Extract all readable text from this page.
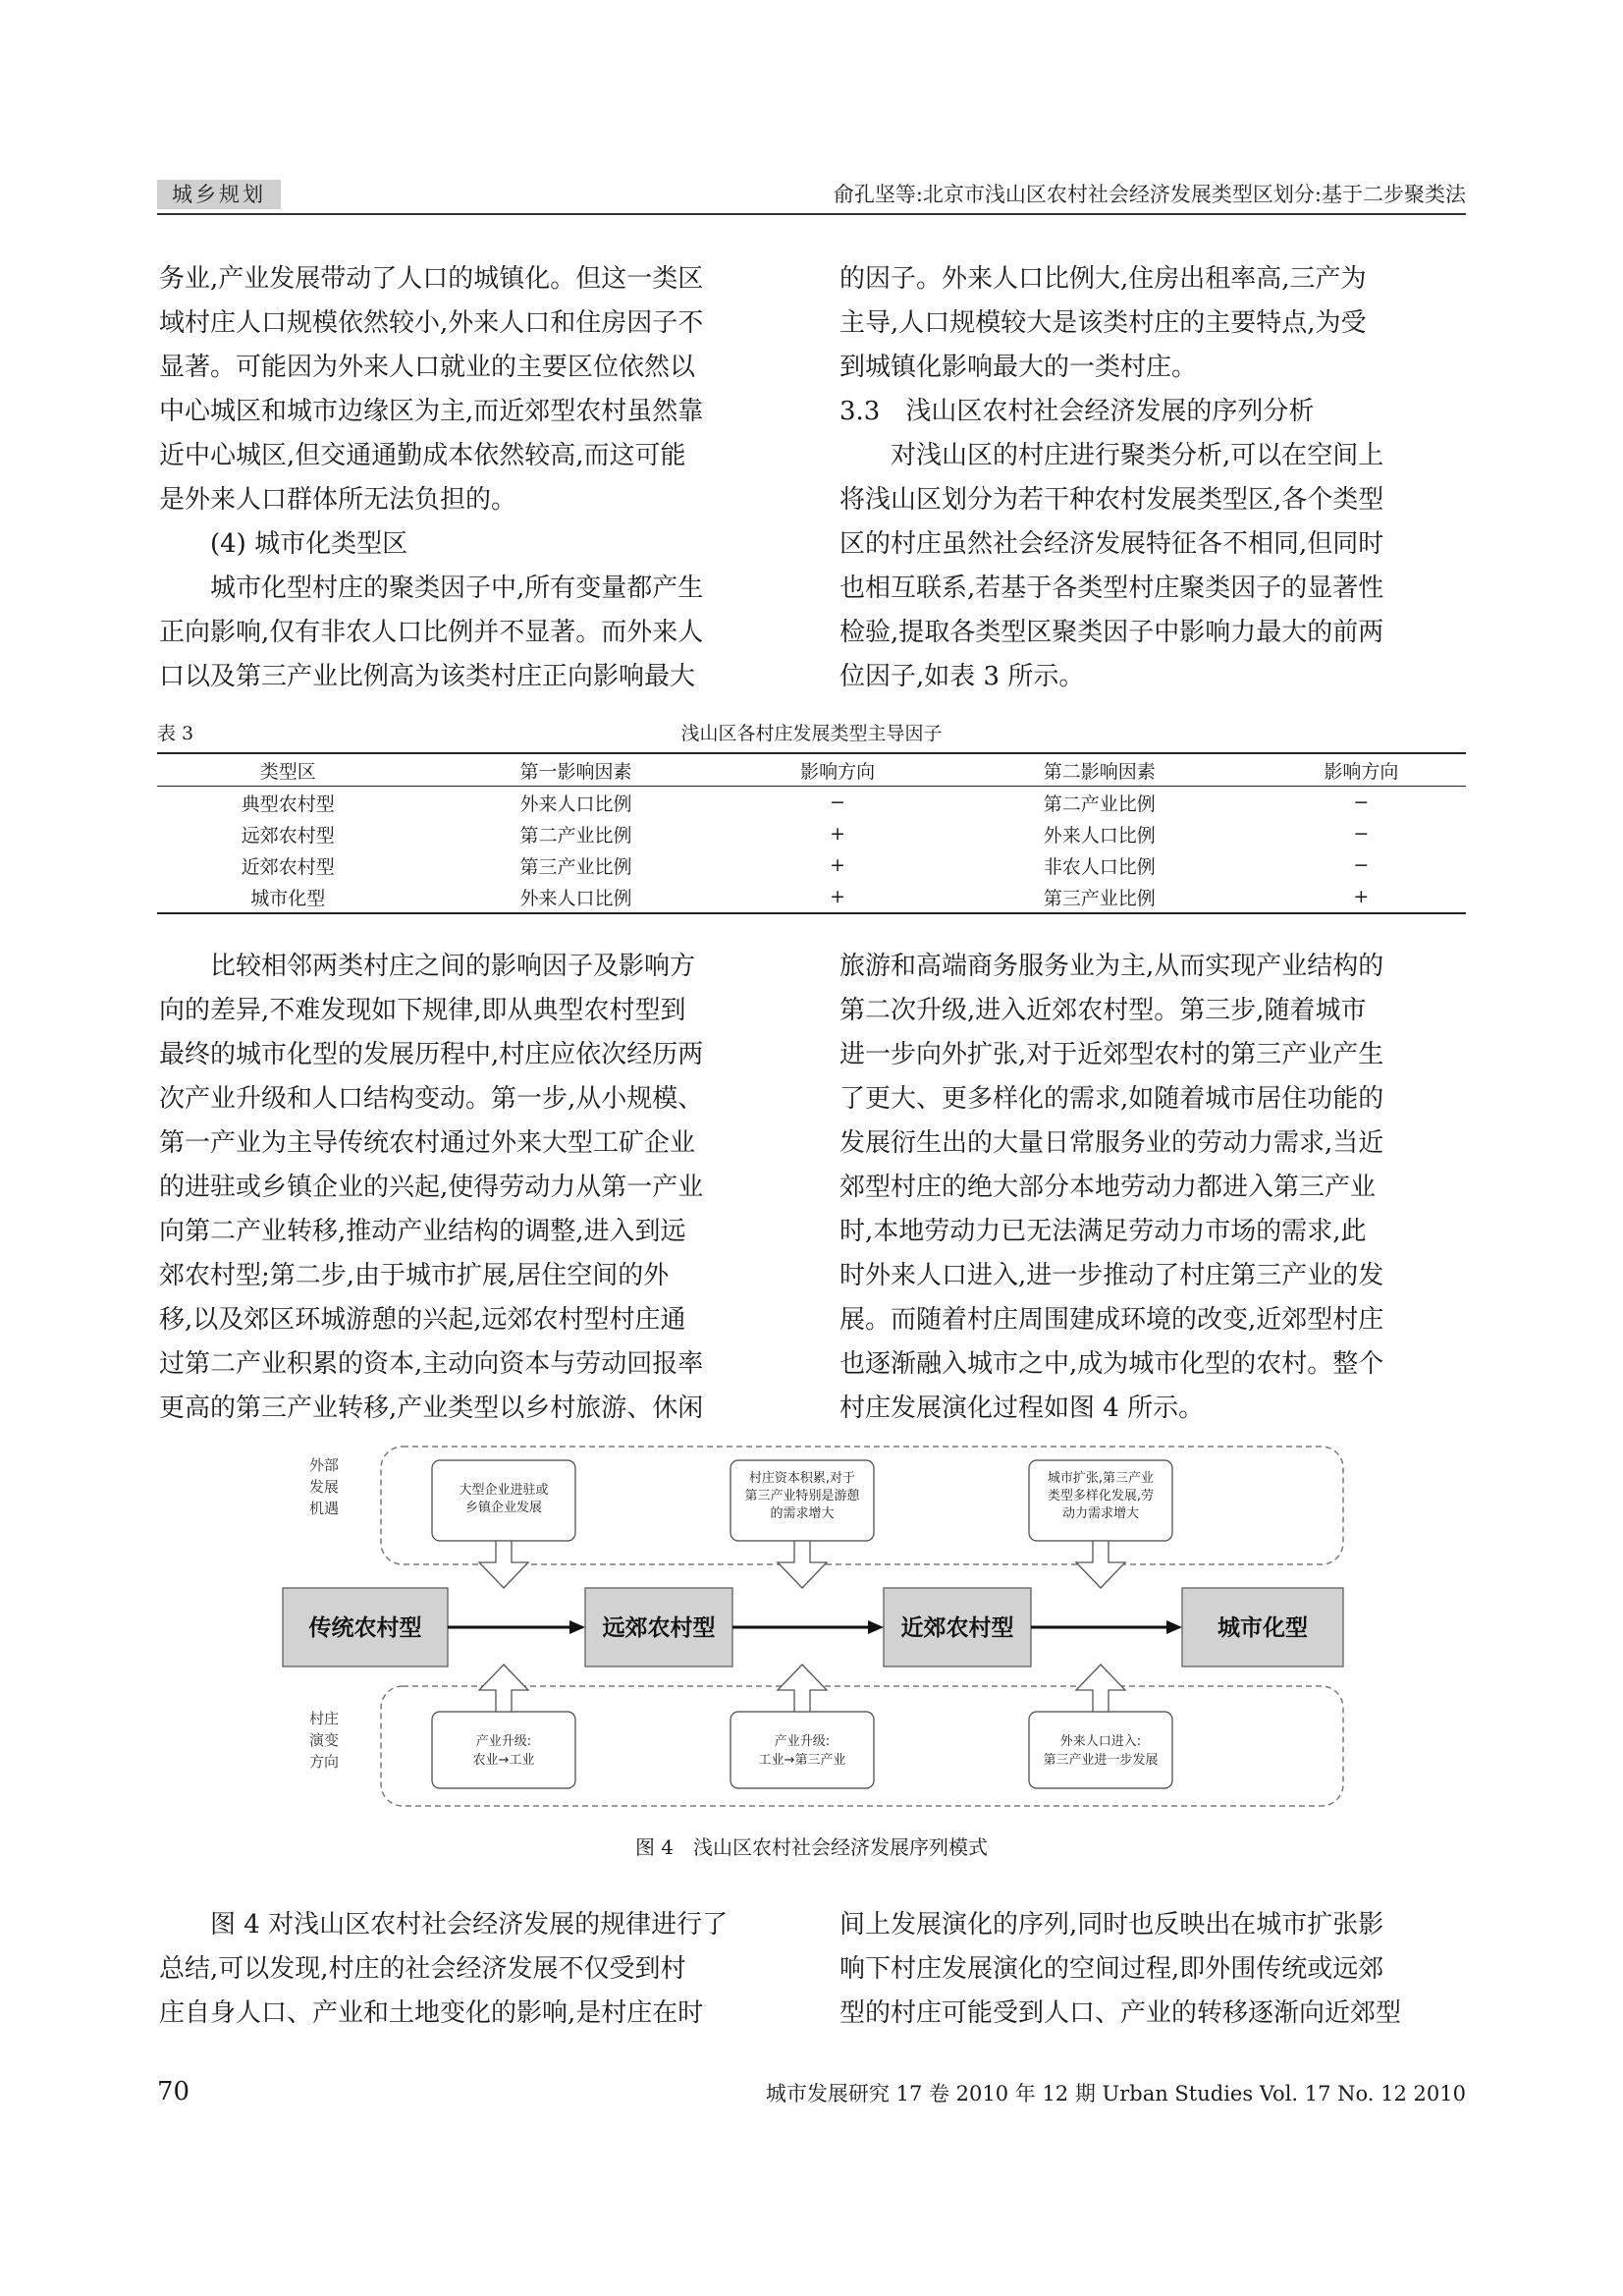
城乡规划	俞孔坚等:北京市浅山区农村社会经济发展类型区划分:基于二步聚类法
务业,产业发展带动了人口的城镇化。但这一类区
域村庄人口规模依然较小,外来人口和住房因子不
显著。可能因为外来人口就业的主要区位依然以
中心城区和城市边缘区为主,而近郊型农村虽然靠
近中心城区,但交通通勤成本依然较高,而这可能
是外来人口群体所无法负担的。
(4) 城市化类型区
城市化型村庄的聚类因子中,所有变量都产生
正向影响,仅有非农人口比例并不显著。而外来人
口以及第三产业比例高为该类村庄正向影响最大
的因子。外来人口比例大,住房出租率高,三产为
主导,人口规模较大是该类村庄的主要特点,为受
到城镇化影响最大的一类村庄。
3.3　浅山区农村社会经济发展的序列分析
对浅山区的村庄进行聚类分析,可以在空间上
将浅山区划分为若干种农村发展类型区,各个类型
区的村庄虽然社会经济发展特征各不相同,但同时
也相互联系,若基于各类型村庄聚类因子的显著性
检验,提取各类型区聚类因子中影响力最大的前两
位因子,如表 3 所示。
表 3	浅山区各村庄发展类型主导因子
类型区	第一影响因素	影响方向	第二影响因素	影响方向
典型农村型	外来人口比例	−	第二产业比例	−
远郊农村型	第二产业比例	+	外来人口比例	−
近郊农村型	第三产业比例	+	非农人口比例	−
城市化型	外来人口比例	+	第三产业比例	+
比较相邻两类村庄之间的影响因子及影响方
向的差异,不难发现如下规律,即从典型农村型到
最终的城市化型的发展历程中,村庄应依次经历两
次产业升级和人口结构变动。第一步,从小规模、
第一产业为主导传统农村通过外来大型工矿企业
的进驻或乡镇企业的兴起,使得劳动力从第一产业
向第二产业转移,推动产业结构的调整,进入到远
郊农村型;第二步,由于城市扩展,居住空间的外
移,以及郊区环城游憩的兴起,远郊农村型村庄通
过第二产业积累的资本,主动向资本与劳动回报率
更高的第三产业转移,产业类型以乡村旅游、休闲
旅游和高端商务服务业为主,从而实现产业结构的
第二次升级,进入近郊农村型。第三步,随着城市
进一步向外扩张,对于近郊型农村的第三产业产生
了更大、更多样化的需求,如随着城市居住功能的
发展衍生出的大量日常服务业的劳动力需求,当近
郊型村庄的绝大部分本地劳动力都进入第三产业
时,本地劳动力已无法满足劳动力市场的需求,此
时外来人口进入,进一步推动了村庄第三产业的发
展。而随着村庄周围建成环境的改变,近郊型村庄
也逐渐融入城市之中,成为城市化型的农村。整个
村庄发展演化过程如图 4 所示。
外部
发展
机遇
村庄
演变
方向
大型企业进驻或
乡镇企业发展
村庄资本积累,对于
第三产业特别是游憩
的需求增大
城市扩张,第三产业
类型多样化发展,劳
动力需求增大
产业升级:
农业→工业
产业升级:
工业→第三产业
外来人口进入:
第三产业进一步发展
传统农村型	远郊农村型	近郊农村型	城市化型
图 4　浅山区农村社会经济发展序列模式
图 4 对浅山区农村社会经济发展的规律进行了
总结,可以发现,村庄的社会经济发展不仅受到村
庄自身人口、产业和土地变化的影响,是村庄在时
间上发展演化的序列,同时也反映出在城市扩张影
响下村庄发展演化的空间过程,即外围传统或远郊
型的村庄可能受到人口、产业的转移逐渐向近郊型
70	城市发展研究 17 卷 2010 年 12 期 Urban Studies Vol. 17 No. 12 2010
